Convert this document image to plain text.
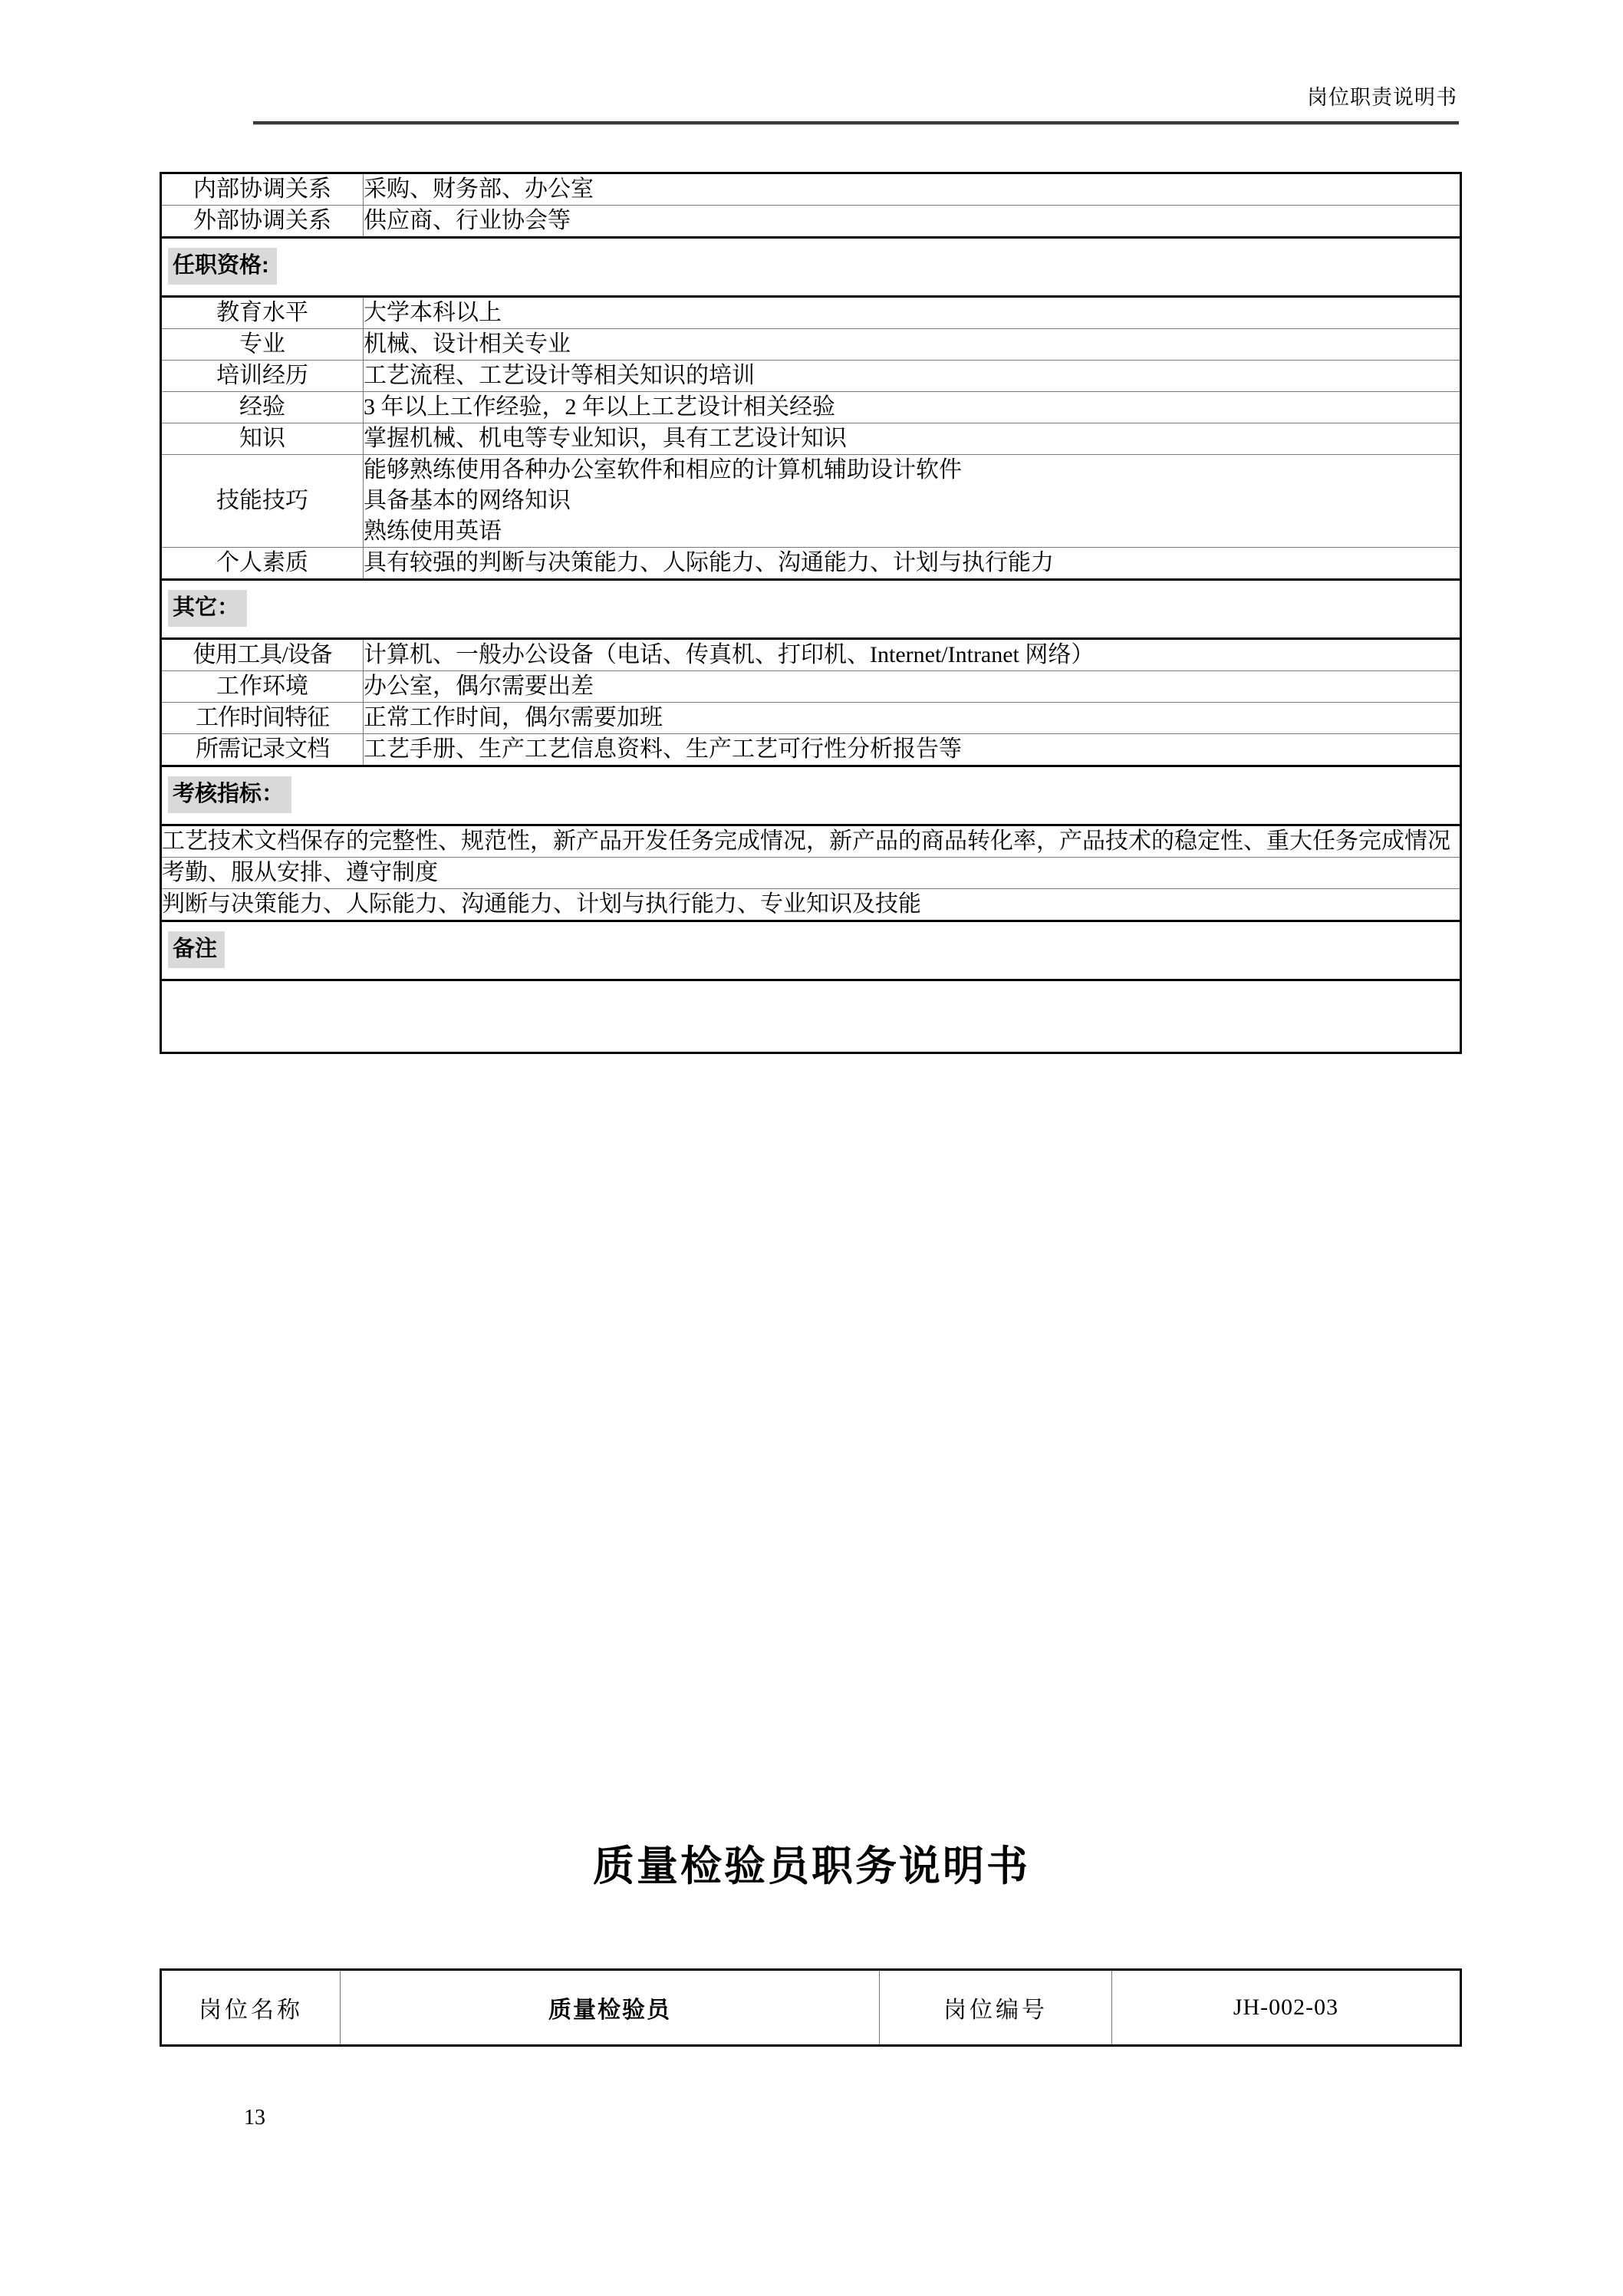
岗位职责说明书
内部协调关系	采购、财务部、办公室
外部协调关系	供应商、行业协会等
任职资格:	
教育水平	大学本科以上
专业	机械、设计相关专业
培训经历	工艺流程、工艺设计等相关知识的培训
经验	3 年以上工作经验，2 年以上工艺设计相关经验
知识	掌握机械、机电等专业知识，具有工艺设计知识
技能技巧	能够熟练使用各种办公室软件和相应的计算机辅助设计软件
具备基本的网络知识
熟练使用英语

个人素质	具有较强的判断与决策能力、人际能力、沟通能力、计划与执行能力
其它：	
使用工具/设备	计算机、一般办公设备（电话、传真机、打印机、Internet/Intranet 网络）
工作环境	办公室，偶尔需要出差
工作时间特征	正常工作时间，偶尔需要加班
所需记录文档	工艺手册、生产工艺信息资料、生产工艺可行性分析报告等
考核指标：	
工艺技术文档保存的完整性、规范性，新产品开发任务完成情况，新产品的商品转化率，产品技术的稳定性、重大任务完成情况	
考勤、服从安排、遵守制度	
判断与决策能力、人际能力、沟通能力、计划与执行能力、专业知识及技能	
备注	

质量检验员职务说明书
岗位名称	质量检验员	岗位编号	JH-002-03
13
